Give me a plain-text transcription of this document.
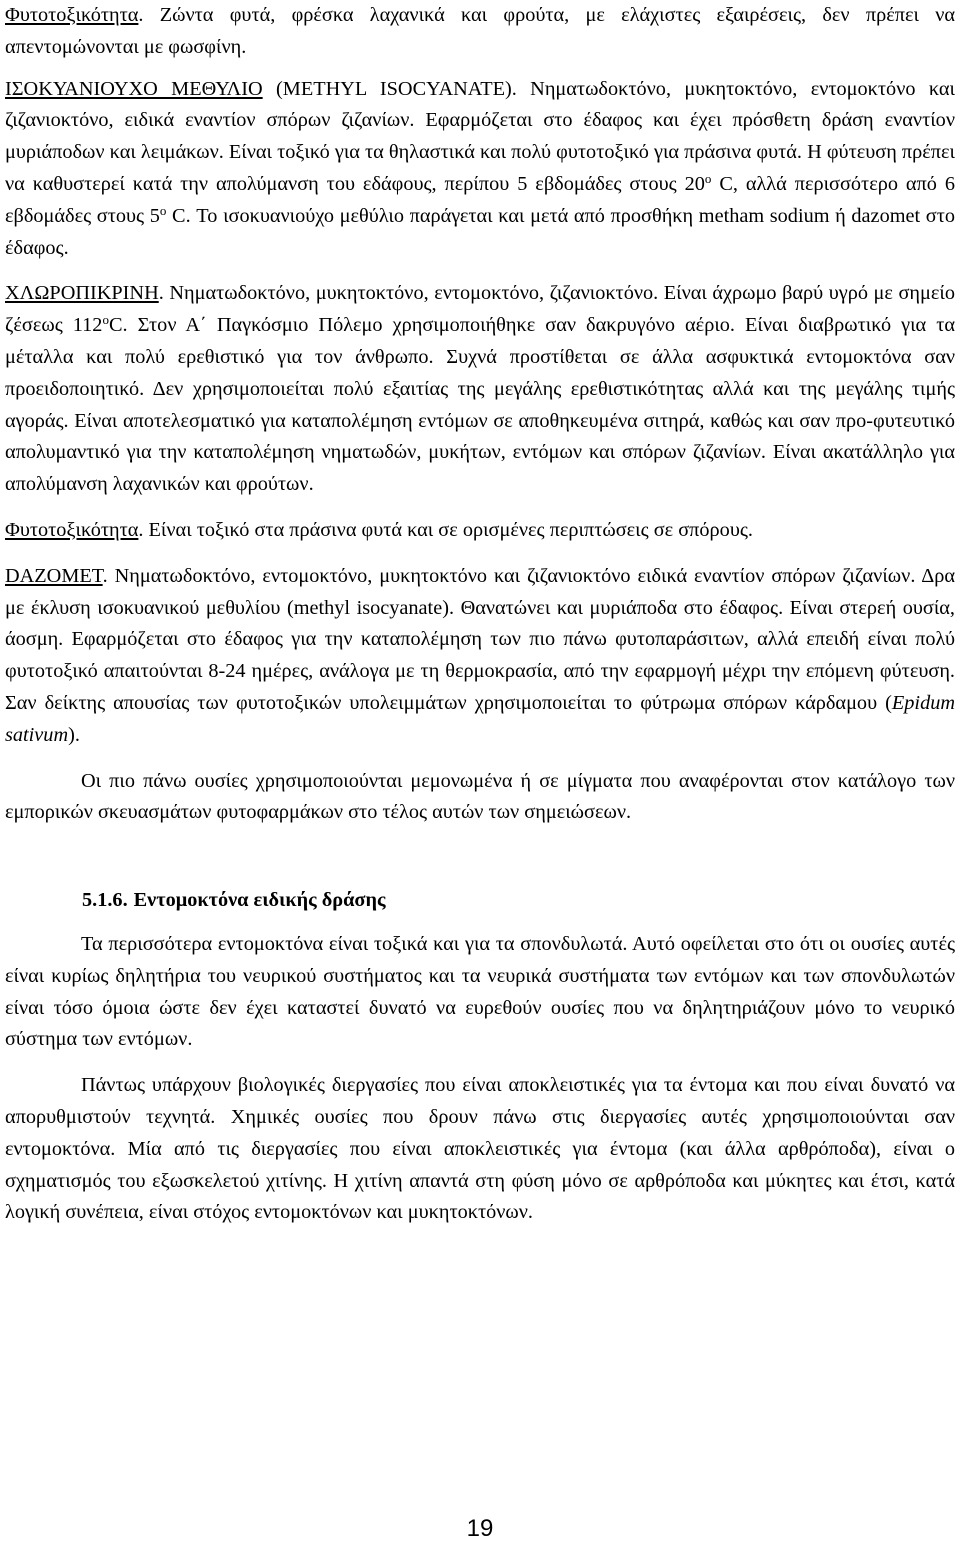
Φυτοτοξικότητα. Ζώντα φυτά, φρέσκα λαχανικά και φρούτα, με ελάχιστες εξαιρέσεις, δεν πρέπει να απεντομώνονται με φωσφίνη.

ΙΣΟΚΥΑΝΙΟΥΧΟ ΜΕΘΥΛΙΟ (METHYL ISOCYANATE). Νηματωδοκτόνο, μυκητοκτόνο, εντομοκτόνο και ζιζανιοκτόνο, ειδικά εναντίον σπόρων ζιζανίων. Εφαρμόζεται στο έδαφος και έχει πρόσθετη δράση εναντίον μυριάποδων και λειμάκων. Είναι τοξικό για τα θηλαστικά και πολύ φυτοτοξικό για πράσινα φυτά. Η φύτευση πρέπει να καθυστερεί κατά την απολύμανση του εδάφους, περίπου 5 εβδομάδες στους 20$^o$ C, αλλά περισσότερο από 6 εβδομάδες στους 5$^o$ C. Το ισοκυανιούχο μεθύλιο παράγεται και μετά από προσθήκη metham sodium ή dazomet στο έδαφος.

ΧΛΩΡΟΠΙΚΡΙΝΗ. Νηματωδοκτόνο, μυκητοκτόνο, εντομοκτόνο, ζιζανιοκτόνο. Είναι άχρωμο βαρύ υγρό με σημείο ζέσεως 112$^o$C. Στον Α΄ Παγκόσμιο Πόλεμο χρησιμοποιήθηκε σαν δακρυγόνο αέριο. Είναι διαβρωτικό για τα μέταλλα και πολύ ερεθιστικό για τον άνθρωπο. Συχνά προστίθεται σε άλλα ασφυκτικά εντομοκτόνα σαν προειδοποιητικό. Δεν χρησιμοποιείται πολύ εξαιτίας της μεγάλης ερεθιστικότητας αλλά και της μεγάλης τιμής αγοράς. Είναι αποτελεσματικό για καταπολέμηση εντόμων σε αποθηκευμένα σιτηρά, καθώς και σαν προ-φυτευτικό απολυμαντικό για την καταπολέμηση νηματωδών, μυκήτων, εντόμων και σπόρων ζιζανίων. Είναι ακατάλληλο για απολύμανση λαχανικών και φρούτων.

Φυτοτοξικότητα. Είναι τοξικό στα πράσινα φυτά και σε ορισμένες περιπτώσεις σε σπόρους.

DAZOMET. Νηματωδοκτόνο, εντομοκτόνο, μυκητοκτόνο και ζιζανιοκτόνο ειδικά εναντίον σπόρων ζιζανίων. Δρα με έκλυση ισοκυανικού μεθυλίου (methyl isocyanate). Θανατώνει και μυριάποδα στο έδαφος. Είναι στερεή ουσία, άοσμη. Εφαρμόζεται στο έδαφος για την καταπολέμηση των πιο πάνω φυτοπαράσιτων, αλλά επειδή είναι πολύ φυτοτοξικό απαιτούνται 8-24 ημέρες, ανάλογα με τη θερμοκρασία, από την εφαρμογή μέχρι την επόμενη φύτευση. Σαν δείκτης απουσίας των φυτοτοξικών υπολειμμάτων χρησιμοποιείται το φύτρωμα σπόρων κάρδαμου (Epidum sativum).

Οι πιο πάνω ουσίες χρησιμοποιούνται μεμονωμένα ή σε μίγματα που αναφέρονται στον κατάλογο των εμπορικών σκευασμάτων φυτοφαρμάκων στο τέλος αυτών των σημειώσεων.

5.1.6. Εντομοκτόνα ειδικής δράσης

Τα περισσότερα εντομοκτόνα είναι τοξικά και για τα σπονδυλωτά. Αυτό οφείλεται στο ότι οι ουσίες αυτές είναι κυρίως δηλητήρια του νευρικού συστήματος και τα νευρικά συστήματα των εντόμων και των σπονδυλωτών είναι τόσο όμοια ώστε δεν έχει καταστεί δυνατό να ευρεθούν ουσίες που να δηλητηριάζουν μόνο το νευρικό σύστημα των εντόμων.

Πάντως υπάρχουν βιολογικές διεργασίες που είναι αποκλειστικές για τα έντομα και που είναι δυνατό να απορυθμιστούν τεχνητά. Χημικές ουσίες που δρουν πάνω στις διεργασίες αυτές χρησιμοποιούνται σαν εντομοκτόνα. Μία από τις διεργασίες που είναι αποκλειστικές για έντομα (και άλλα αρθρόποδα), είναι ο σχηματισμός του εξωσκελετού χιτίνης. Η χιτίνη απαντά στη φύση μόνο σε αρθρόποδα και μύκητες και έτσι, κατά λογική συνέπεια, είναι στόχος εντομοκτόνων και μυκητοκτόνων.

19
